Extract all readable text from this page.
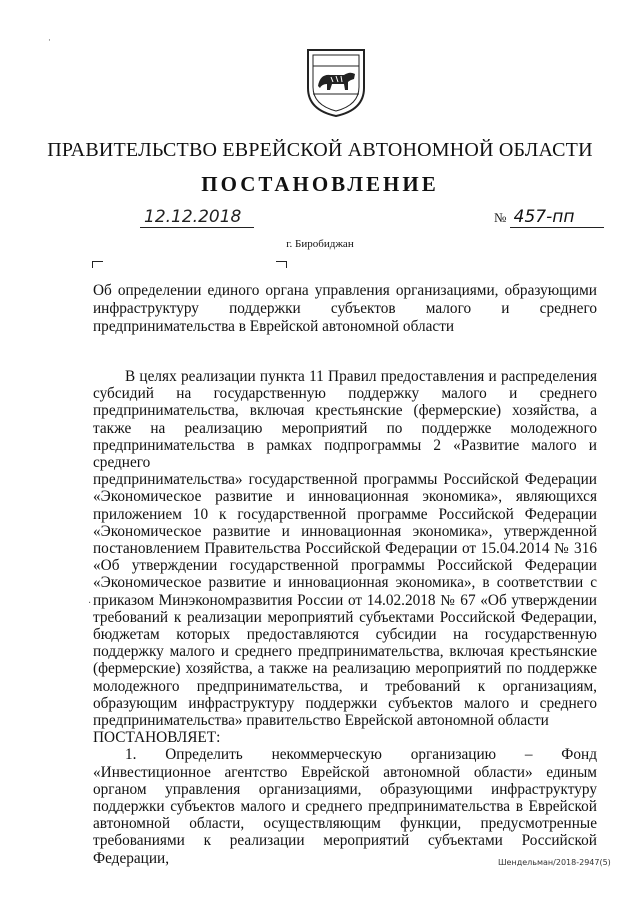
ПРАВИТЕЛЬСТВО ЕВРЕЙСКОЙ АВТОНОМНОЙ ОБЛАСТИ
ПОСТАНОВЛЕНИЕ
12.12.2018	№ 457-пп
г. Биробиджан

Об определении единого органа управления организациями, образующими

инфраструктуру поддержки субъектов малого и среднего

предпринимательства в Еврейской автономной области

В целях реализации пункта 11 Правил предоставления и распределения

субсидий на государственную поддержку малого и среднего

предпринимательства, включая крестьянские (фермерские) хозяйства, а

также на реализацию мероприятий по поддержке молодежного

предпринимательства в рамках подпрограммы 2 «Развитие малого и среднего

предпринимательства» государственной программы Российской Федерации

«Экономическое развитие и инновационная экономика», являющихся

приложением 10 к государственной программе Российской Федерации

«Экономическое развитие и инновационная экономика», утвержденной

постановлением Правительства Российской Федерации от 15.04.2014 № 316

«Об утверждении государственной программы Российской Федерации

«Экономическое развитие и инновационная экономика», в соответствии с

приказом Минэкономразвития России от 14.02.2018 № 67 «Об утверждении

требований к реализации мероприятий субъектами Российской Федерации,

бюджетам которых предоставляются субсидии на государственную

поддержку малого и среднего предпринимательства, включая крестьянские

(фермерские) хозяйства, а также на реализацию мероприятий по поддержке

молодежного предпринимательства, и требований к организациям,

образующим инфраструктуру поддержки субъектов малого и среднего

предпринимательства» правительство Еврейской автономной области

ПОСТАНОВЛЯЕТ:

1. Определить некоммерческую организацию – Фонд

«Инвестиционное агентство Еврейской автономной области» единым

органом управления организациями, образующими инфраструктуру

поддержки субъектов малого и среднего предпринимательства в Еврейской

автономной области, осуществляющим функции, предусмотренные

требованиями к реализации мероприятий субъектами Российской Федерации,	Шендельман/2018-2947(5)
·
·
